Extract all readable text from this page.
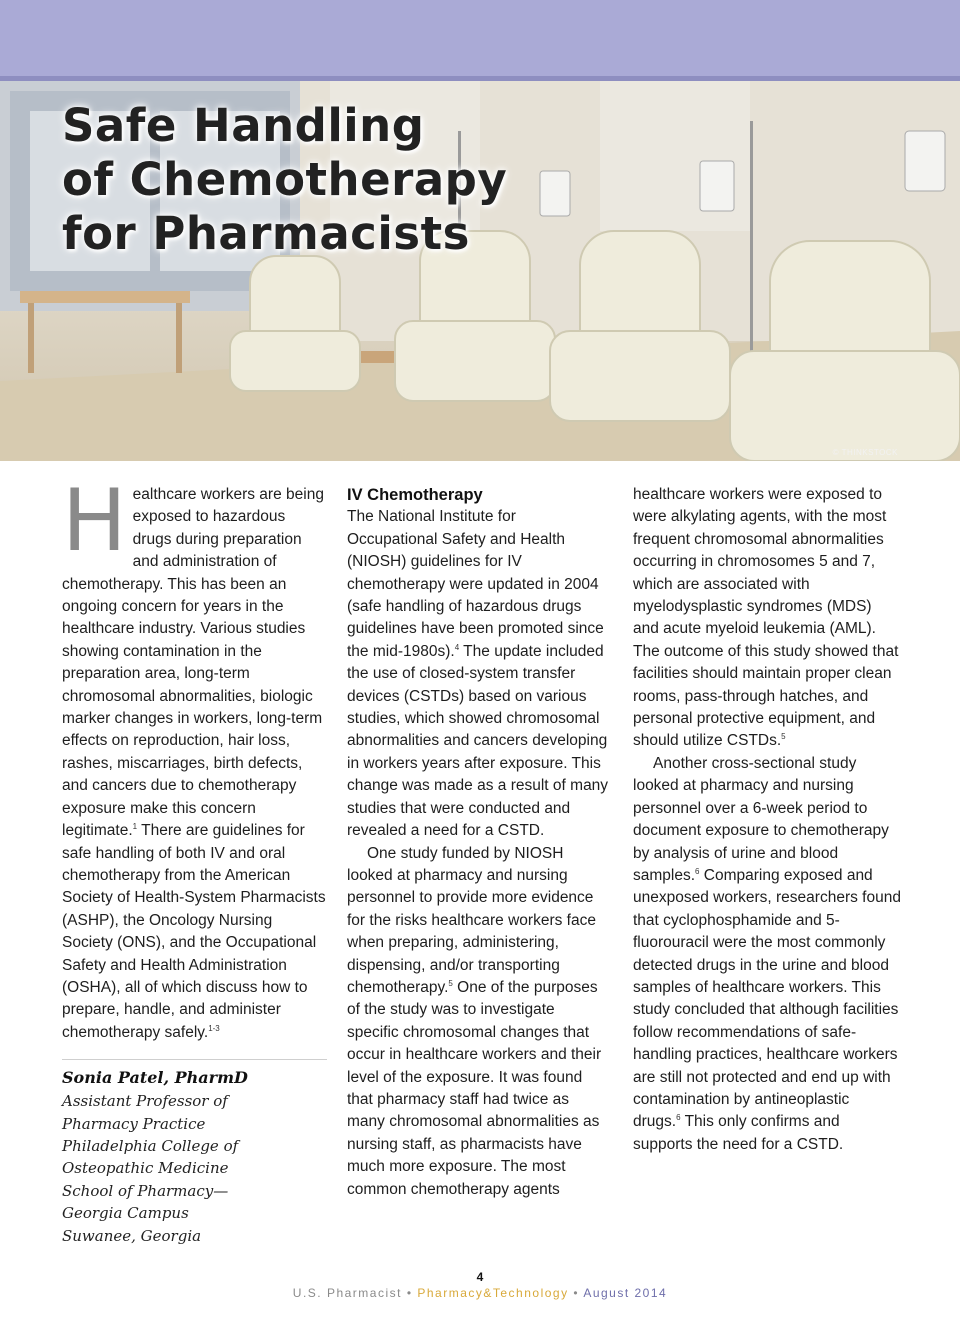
Safe Handling
of Chemotherapy
for Pharmacists
© THINKSTOCK

Healthcare workers are being exposed to hazardous drugs during preparation and administration of chemotherapy. This has been an ongoing concern for years in the healthcare industry. Various studies showing contamination in the preparation area, long-term chromosomal abnormalities, biologic marker changes in workers, long-term effects on reproduction, hair loss, rashes, miscarriages, birth defects, and cancers due to chemotherapy exposure make this concern legitimate.$^1$ There are guidelines for safe handling of both IV and oral chemotherapy from the American Society of Health-System Pharmacists (ASHP), the Oncology Nursing Society (ONS), and the Occupational Safety and Health Administration (OSHA), all of which discuss how to prepare, handle, and administer chemotherapy safely.$^{1-3}$

Sonia Patel, PharmD
Assistant Professor of
Pharmacy Practice
Philadelphia College of
Osteopathic Medicine
School of Pharmacy—
Georgia Campus
Suwanee, Georgia
IV Chemotherapy

The National Institute for Occupational Safety and Health (NIOSH) guidelines for IV chemotherapy were updated in 2004 (safe handling of hazardous drugs guidelines have been promoted since the mid-1980s).$^4$ The update included the use of closed-system transfer devices (CSTDs) based on various studies, which showed chromosomal abnormalities and cancers developing in workers years after exposure. This change was made as a result of many studies that were conducted and revealed a need for a CSTD.

One study funded by NIOSH looked at pharmacy and nursing personnel to provide more evidence for the risks healthcare workers face when preparing, administering, dispensing, and/or transporting chemotherapy.$^5$ One of the purposes of the study was to investigate specific chromosomal changes that occur in healthcare workers and their level of the exposure. It was found that pharmacy staff had twice as many chromosomal abnormalities as nursing staff, as pharmacists have much more exposure. The most common chemotherapy agents

healthcare workers were exposed to were alkylating agents, with the most frequent chromosomal abnormalities occurring in chromosomes 5 and 7, which are associated with myelodysplastic syndromes (MDS) and acute myeloid leukemia (AML). The outcome of this study showed that facilities should maintain proper clean rooms, pass-through hatches, and personal protective equipment, and should utilize CSTDs.$^5$

Another cross-sectional study looked at pharmacy and nursing personnel over a 6-week period to document exposure to chemotherapy by analysis of urine and blood samples.$^6$ Comparing exposed and unexposed workers, researchers found that cyclophosphamide and 5-fluorouracil were the most commonly detected drugs in the urine and blood samples of healthcare workers. This study concluded that although facilities follow recommendations of safe-handling practices, healthcare workers are still not protected and end up with contamination by antineoplastic drugs.$^6$ This only confirms and supports the need for a CSTD.

4
U.S. Pharmacist • Pharmacy&Technology • August 2014
